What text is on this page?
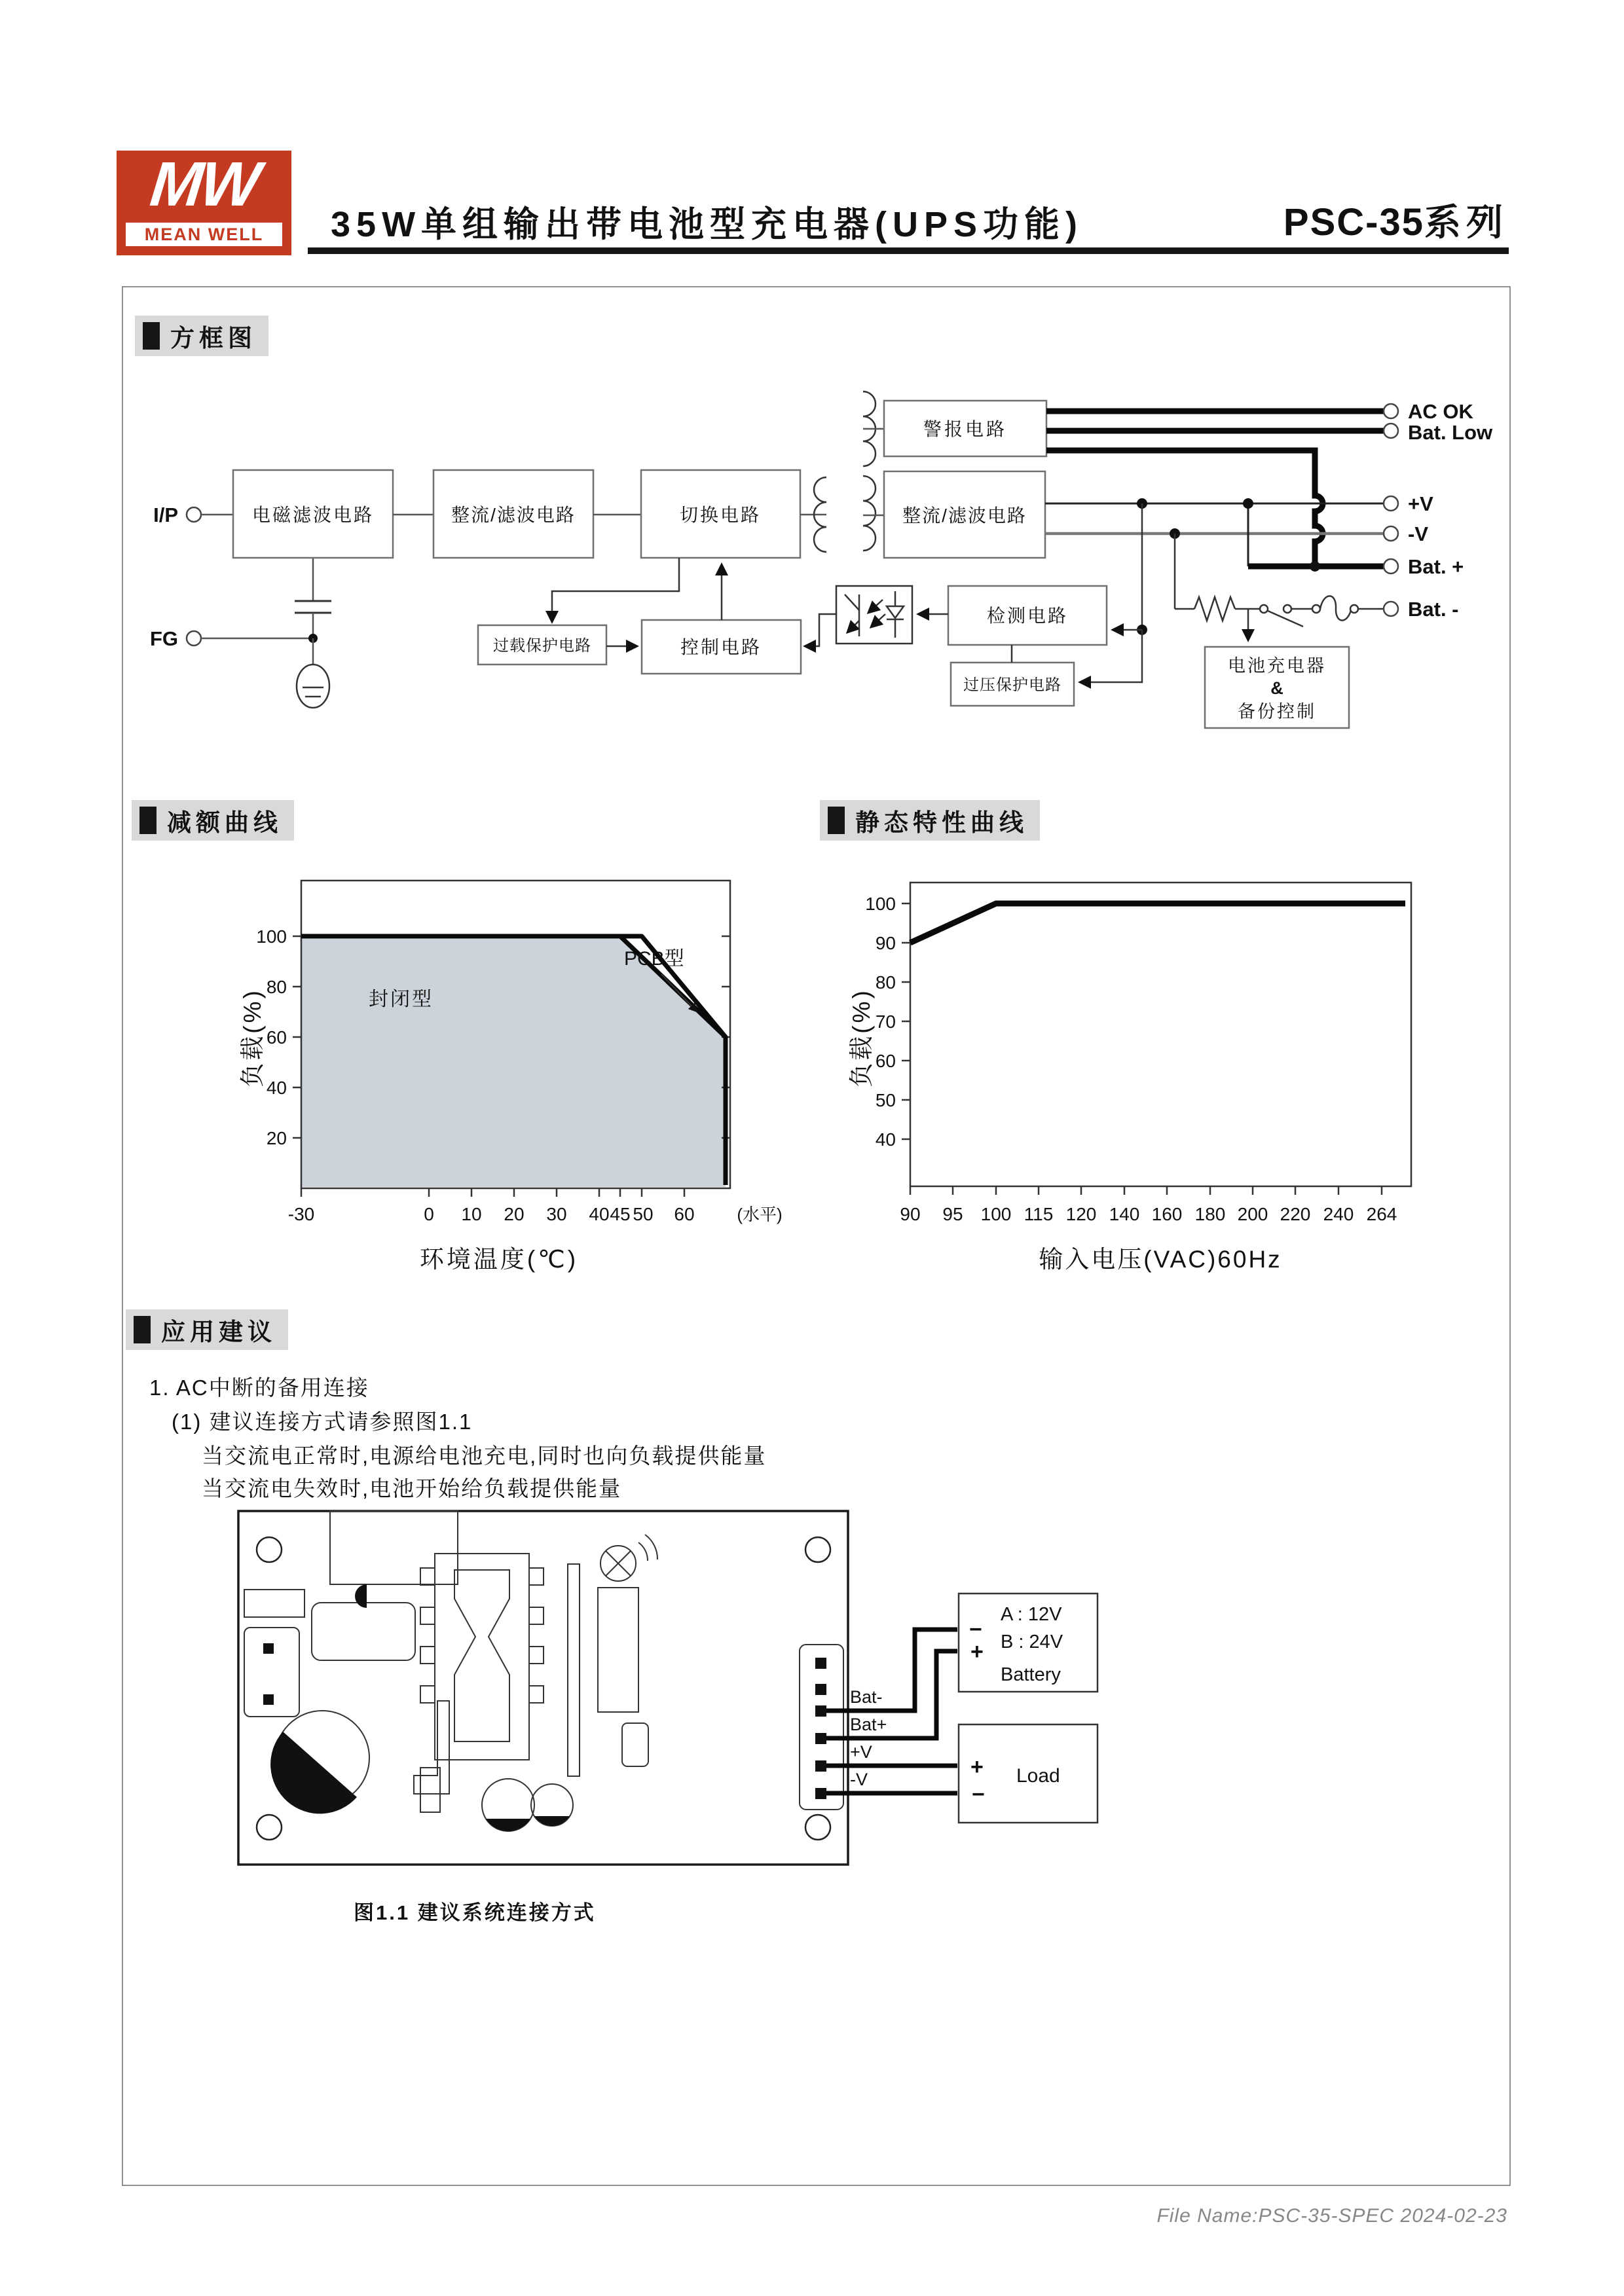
MW
MEAN WELL 35W单组输出带电池型充电器(UPS功能)	PSC-35系列
方框图
减额曲线	静态特性曲线
应用建议
I/P
FG
电磁滤波电路	整流/滤波电路	切换电路
警报电路
整流/滤波电路
电池充电器
&
备份控制
过载保护电路	控制电路
检测电路
过压保护电路
AC OK
Bat. Low
+V
-V
Bat. +
Bat. -
20
40
60
80
100
-30	0 10 20 30 40 45 50 60 (水平)
封闭型
PCB型
环境温度(℃)
负载(%)
40
50
60
70
80
90
100
90 95 100 115 120 140 160 180 200 220 240 264
输入电压(VAC)60Hz
负载(%)
1. AC中断的备用连接
(1) 建议连接方式请参照图1.1
当交流电正常时,电源给电池充电,同时也向负载提供能量
当交流电失效时,电池开始给负载提供能量
Bat-
Bat+
+V
-V
−
+
A : 12V
B : 24V
Battery
+
−
Load
图1.1 建议系统连接方式
File Name:PSC-35-SPEC 2024-02-23
